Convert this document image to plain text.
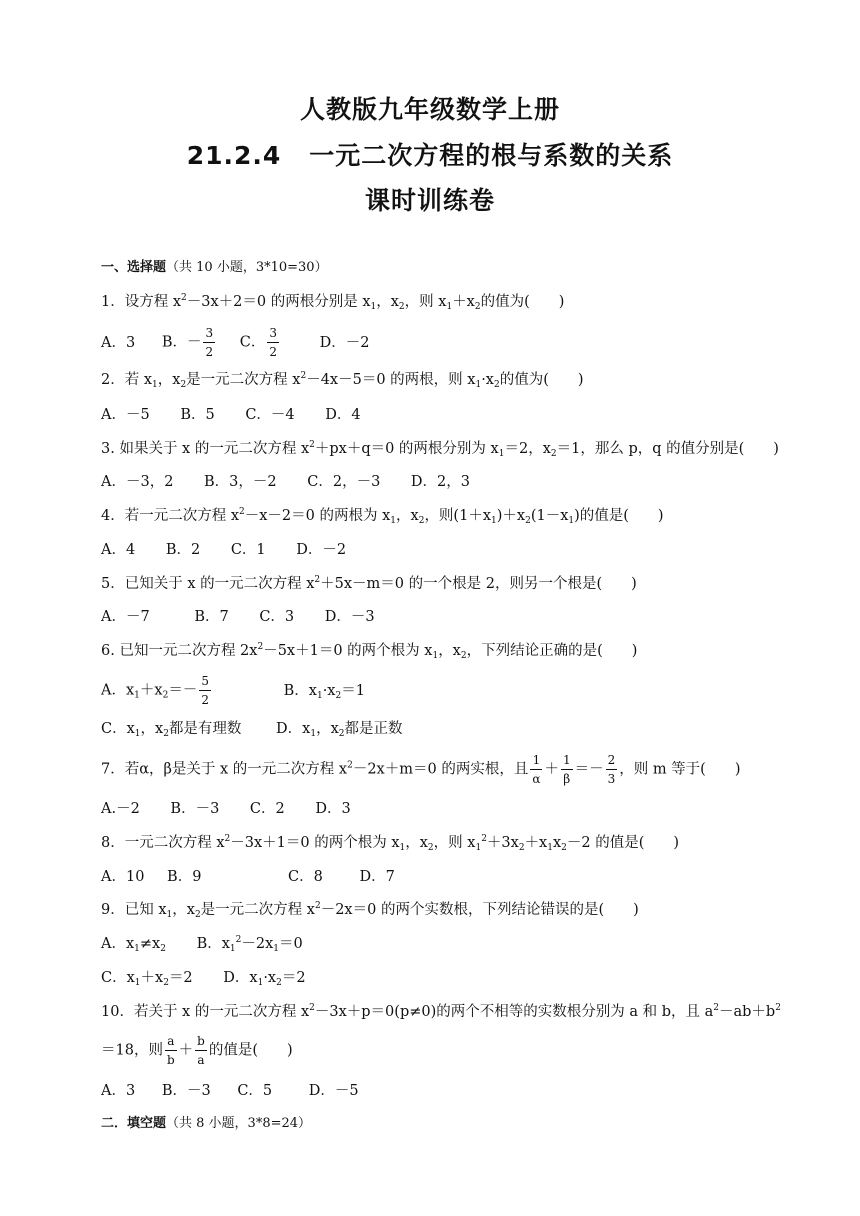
人教版九年级数学上册
21.2.4 一元二次方程的根与系数的关系
课时训练卷
一、选择题（共 10 小题，3*10=30）
1．设方程 $x^2-3x+2=0$ 的两根分别是 $x_1$，$x_2$，则 $x_1+x_2$的值为(　　)
A．3 B．－ $\frac{3}{2}$ C． $\frac{3}{2}$	D．－2
2．若 $x_1$，$x_2$是一元二次方程 $x^2-4x-5=0$ 的两根，则 $x_1\cdot x_2$的值为(　　)
A．－5 B．5 C．－4 D．4
3. 如果关于 x 的一元二次方程 $x^2+px+q=0$ 的两根分别为 $x_1=2$，$x_2=1$，那么 p，q 的值分别是(　　)
A．－3，2 B．3，－2 C．2，－3 D．2，3
4．若一元二次方程 $x^2-x-2=0$ 的两根为 $x_1$，$x_2$，则$(1+x_1)+x_2(1-x_1)$的值是(　　)
A．4 B．2 C．1 D．－2
5．已知关于 x 的一元二次方程 $x^2+5x-m=0$ 的一个根是 2，则另一个根是(　　)
A．－7	B．7 C．3 D．－3
6. 已知一元二次方程 $2x^2-5x+1=0$ 的两个根为 $x_1$，$x_2$，下列结论正确的是(　　)
A．$x_1+x_2=- \frac{5}{2}$	B．$x_1\cdot x_2=1$
C．$x_1$，$x_2$都是有理数 D．$x_1$，$x_2$都是正数
7．若α，β是关于 x 的一元二次方程 $x^2-2x+m=0$ 的两实根，且 $\frac{1}{\alpha} + \frac{1}{\beta} =- \frac{2}{3}$ ，则 m 等于(　　)
A.－2 B．－3 C．2 D．3
8．一元二次方程 $x^2-3x+1=0$ 的两个根为 $x_1$，$x_2$，则 $x_1^2+3x_2+x_1x_2-2$ 的值是(　　)
A．10 B．9	C．8	D．7
9．已知 $x_1$，$x_2$是一元二次方程 $x^2-2x=0$ 的两个实数根，下列结论错误的是(　　)
A．$x_1\ne x_2$ B．$x_1^2-2x_1=0$
C．$x_1+x_2=2$ D．$x_1\cdot x_2=2$
10．若关于 x 的一元二次方程 $x^2-3x+p=0(p\ne 0)$的两个不相等的实数根分别为 a 和 b，且 $a^2-ab+b^2$
＝18，则 $\frac{a}{b} + \frac{b}{a}$ 的值是(　　)
A．3 B．－3 C．5	D．－5
二．填空题（共 8 小题，3*8=24）
